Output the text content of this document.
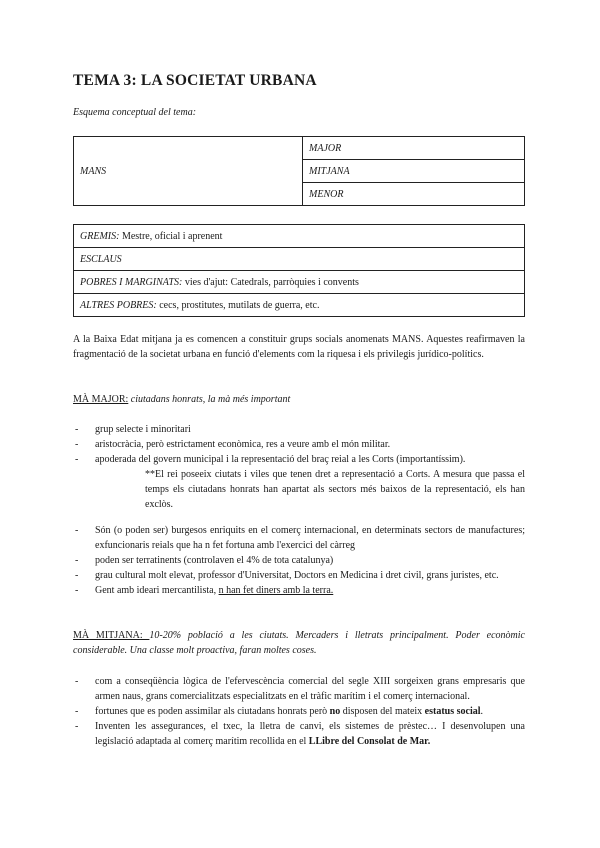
TEMA 3: LA SOCIETAT URBANA
Esquema conceptual del tema:
MANS	MAJOR
MITJANA
MENOR
GREMIS: Mestre, oficial i aprenent
ESCLAUS
POBRES I MARGINATS: vies d'ajut: Catedrals, parròquies i convents
ALTRES POBRES: cecs, prostitutes, mutilats de guerra, etc.
A la Baixa Edat mitjana ja es comencen a constituir grups socials anomenats MANS. Aquestes reafirmaven la fragmentació de la societat urbana en funció d'elements com la riquesa i els privilegis jurídico-polítics.
MÀ MAJOR: ciutadans honrats, la mà més important
- grup selecte i minoritari
- aristocràcia, però estrictament econòmica, res a veure amb el món militar.
- apoderada del govern municipal i la representació del braç reial a les Corts (importantíssim).
**El rei poseeix ciutats i viles que tenen dret a representació a Corts. A mesura que passa el temps els ciutadans honrats han apartat als sectors més baixos de la representació, els han exclòs.
- Són (o poden ser) burgesos enriquits en el comerç internacional, en determinats sectors de manufactures; exfuncionaris reials que ha n fet fortuna amb l'exercici del càrreg
- poden ser terratinents (controlaven el 4% de tota catalunya)
- grau cultural molt elevat, professor d'Universitat, Doctors en Medicina i dret civil, grans juristes, etc.
- Gent amb ideari mercantilista, n han fet diners amb la terra.
MÀ MITJANA: 10-20% població a les ciutats. Mercaders i lletrats principalment. Poder econòmic considerable. Una classe molt proactiva, faran moltes coses.
- com a conseqüència lògica de l'efervescència comercial del segle XIII sorgeixen grans empresaris que armen naus, grans comercialitzats especialitzats en el tràfic marítim i el comerç internacional.
- fortunes que es poden assimilar als ciutadans honrats però no disposen del mateix estatus social.
- Inventen les assegurances, el txec, la lletra de canvi, els sistemes de prèstec… I desenvolupen una legislació adaptada al comerç marítim recollida en el LLibre del Consolat de Mar.
